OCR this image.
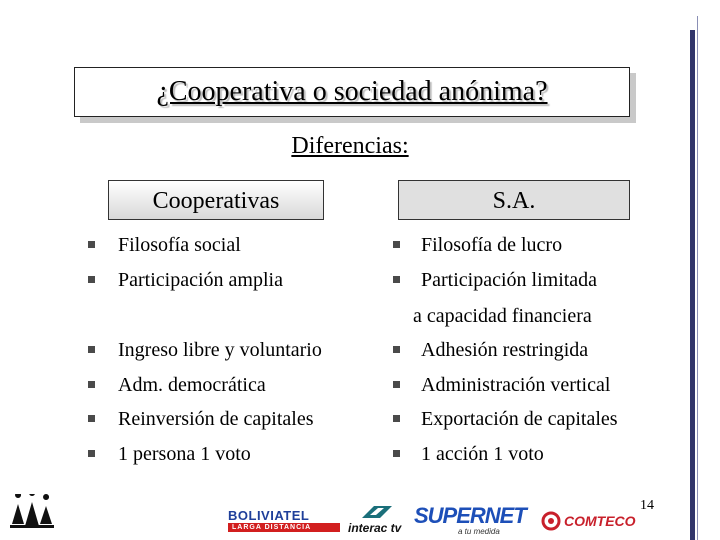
¿Cooperativa o sociedad anónima?
Diferencias:
Cooperativas	S.A.
Filosofía social
Participación amplia
Ingreso libre y voluntario
Adm. democrática
Reinversión de capitales
1 persona 1 voto
Filosofía de lucro
Participación limitada
a capacidad financiera
Adhesión restringida
Administración vertical
Exportación de capitales
1 acción 1 voto
14
BOLIVIATEL
LARGA DISTANCIA	interac tv SUPERNET
a tu medida
COMTECO
